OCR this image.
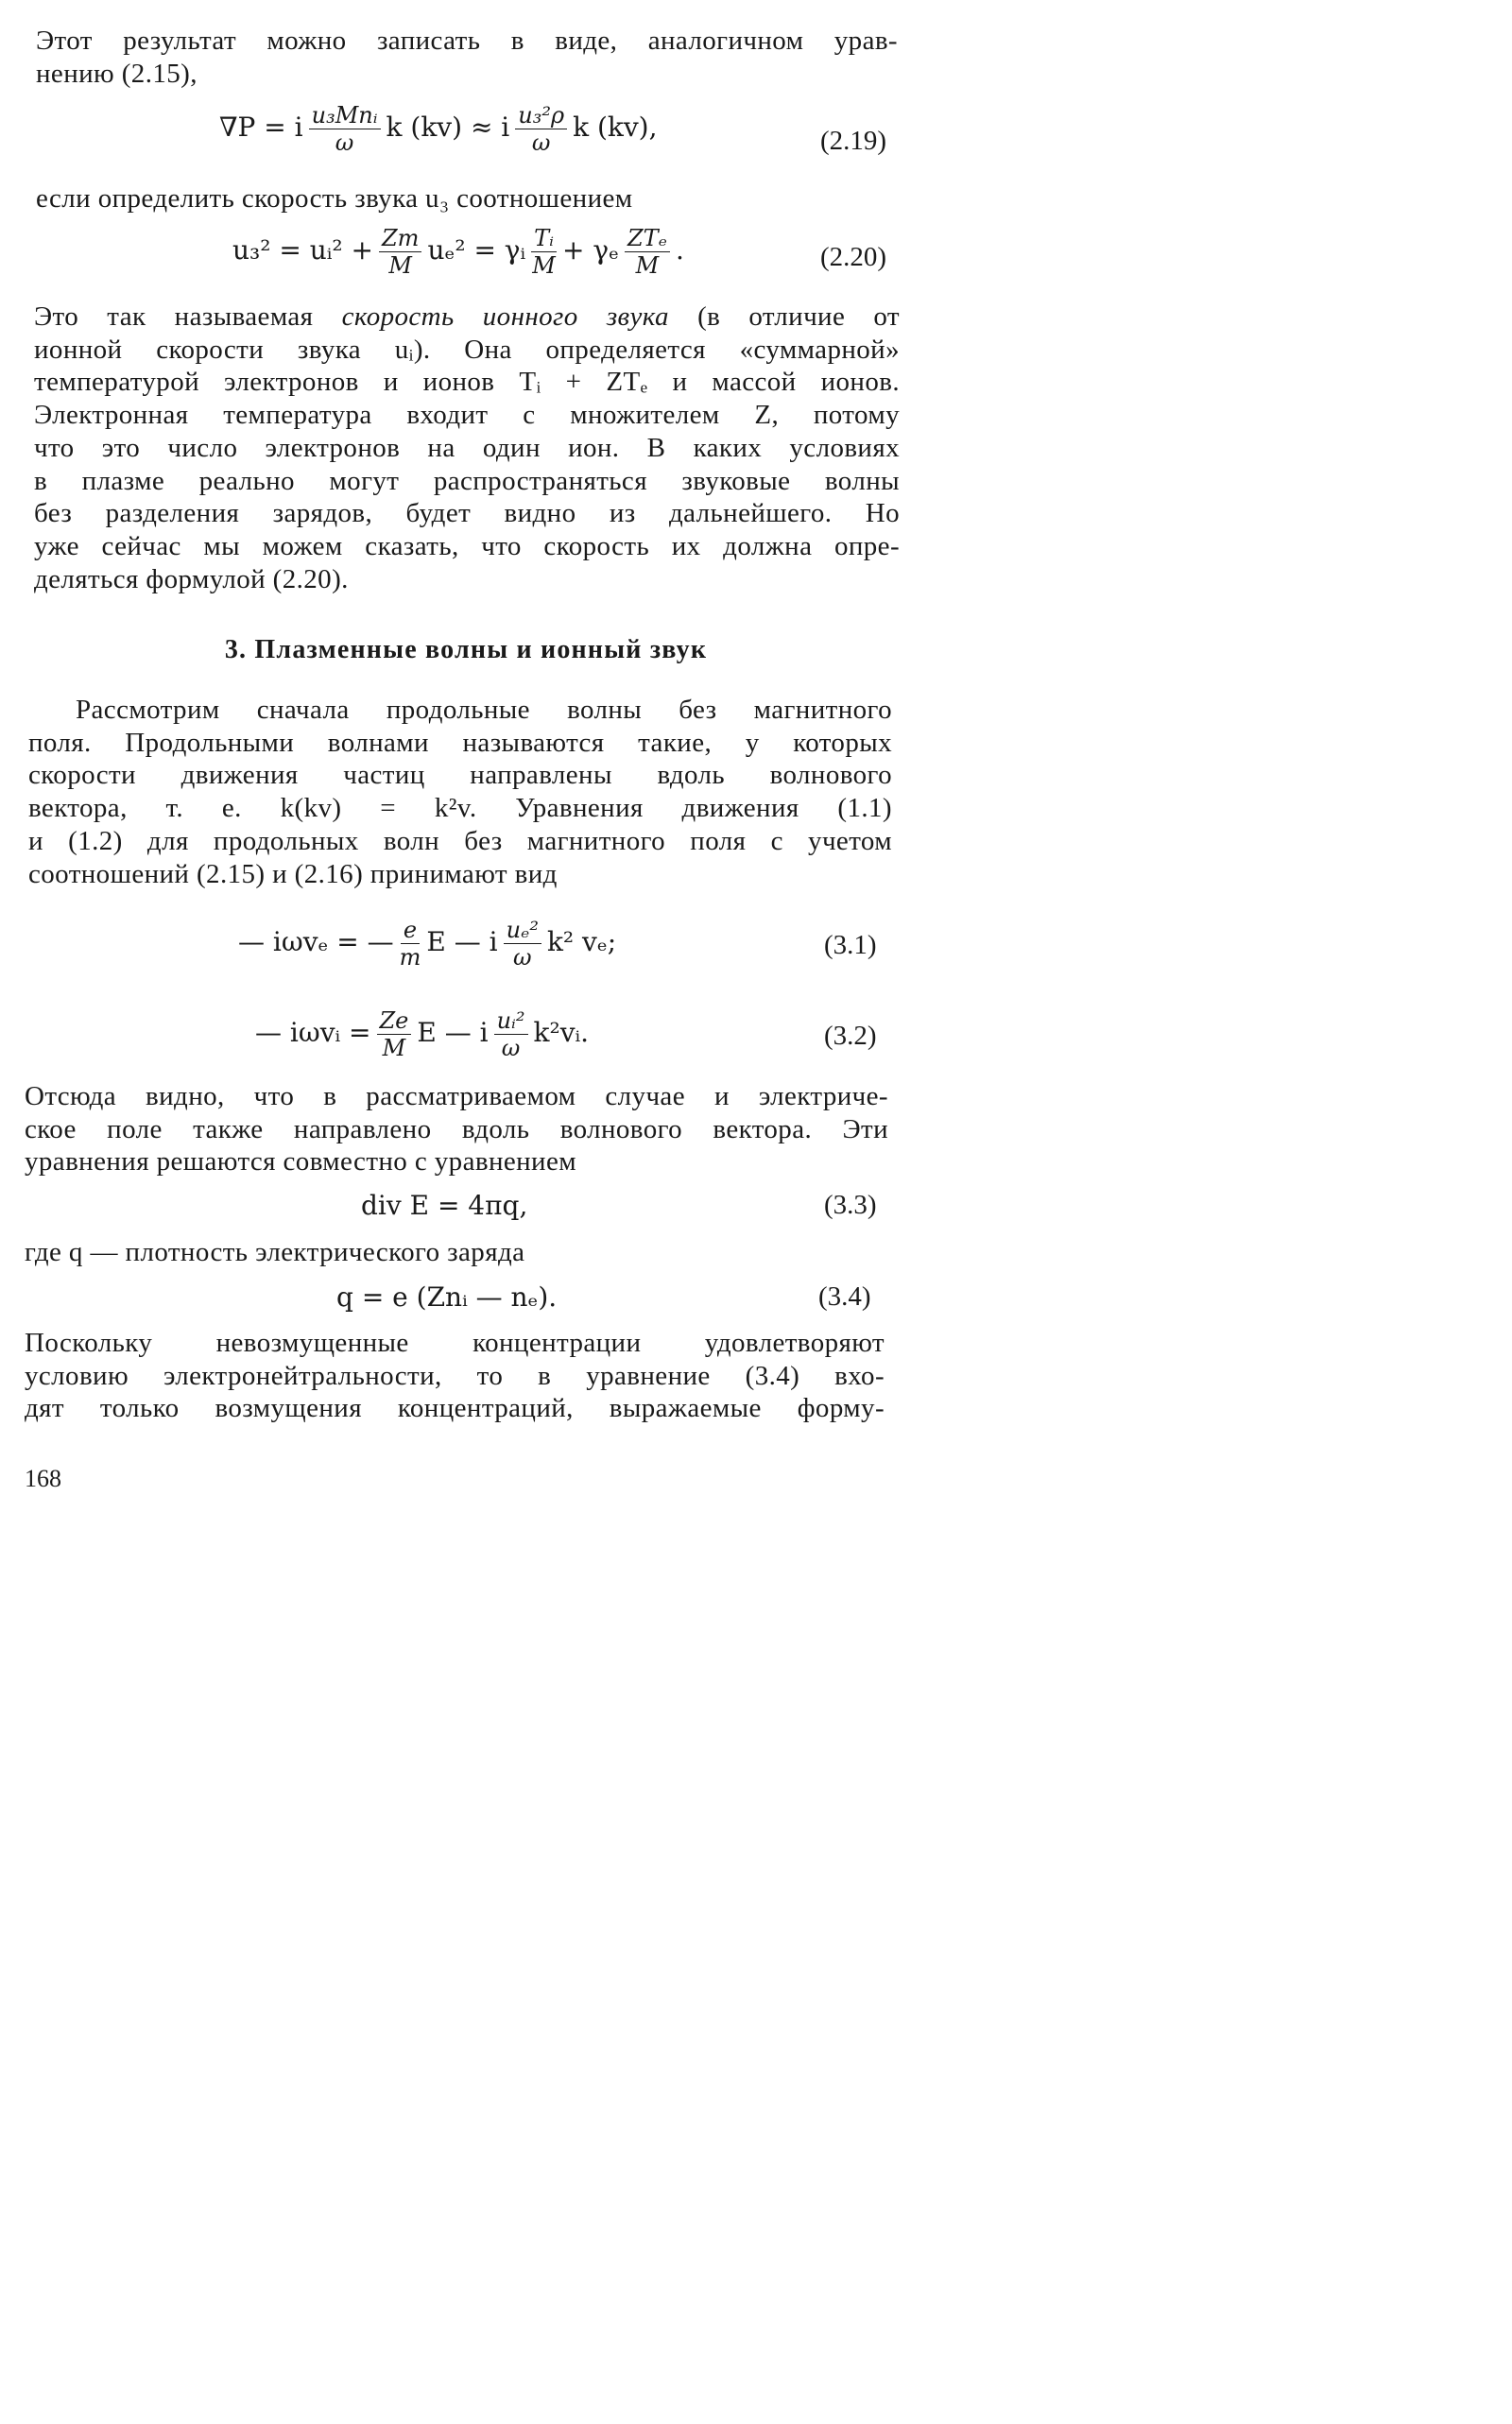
Этот результат можно записать в виде, аналогичном урав-
нению (2.15),

∇P = i $\frac{\text{u₃Mnᵢ}}{\omega}$ k (kv) ≈ i $\frac{\text{u₃²ρ}}{\omega}$ k (kv),	(2.19)

если определить скорость звука u₃ соотношением

u₃² = uᵢ² + $\frac{Zm}{M} u_e^2$ = γᵢ $\frac{\text{Tᵢ}}{M} + \gamma_e \frac{\text{ZTₑ}}{M}$ .	(2.20)

Это так называемая скорость ионного звука (в отличие от
ионной скорости звука uᵢ). Она определяется «суммарной»
температурой электронов и ионов Tᵢ + ZTₑ и массой ионов.
Электронная температура входит с множителем Z, потому
что это число электронов на один ион. В каких условиях
в плазме реально могут распространяться звуковые волны
без разделения зарядов, будет видно из дальнейшего. Но
уже сейчас мы можем сказать, что скорость их должна опре-
деляться формулой (2.20).

3. Плазменные волны и ионный звук

Рассмотрим сначала продольные волны без магнитного
поля. Продольными волнами называются такие, у которых
скорости движения частиц направлены вдоль волнового
вектора, т. е. k(kv) = k²v. Уравнения движения (1.1)
и (1.2) для продольных волн без магнитного поля с учетом
соотношений (2.15) и (2.16) принимают вид

— iωvₑ = — $\frac{e}{m}$ E — i $\frac{\text{uₑ²}}{\omega} k^2$ vₑ;	(3.1)
— iωvᵢ = $\frac{Ze}{M}$ E — i $\frac{\text{uᵢ²}}{\omega}$ k²vᵢ.	(3.2)

Отсюда видно, что в рассматриваемом случае и электриче-
ское поле также направлено вдоль волнового вектора. Эти
уравнения решаются совместно с уравнением

div E = 4πq,	(3.3)

где q — плотность электрического заряда

q = e (Znᵢ — nₑ).	(3.4)

Поскольку невозмущенные концентрации удовлетворяют
условию электронейтральности, то в уравнение (3.4) вхо-
дят только возмущения концентраций, выражаемые форму-

168
